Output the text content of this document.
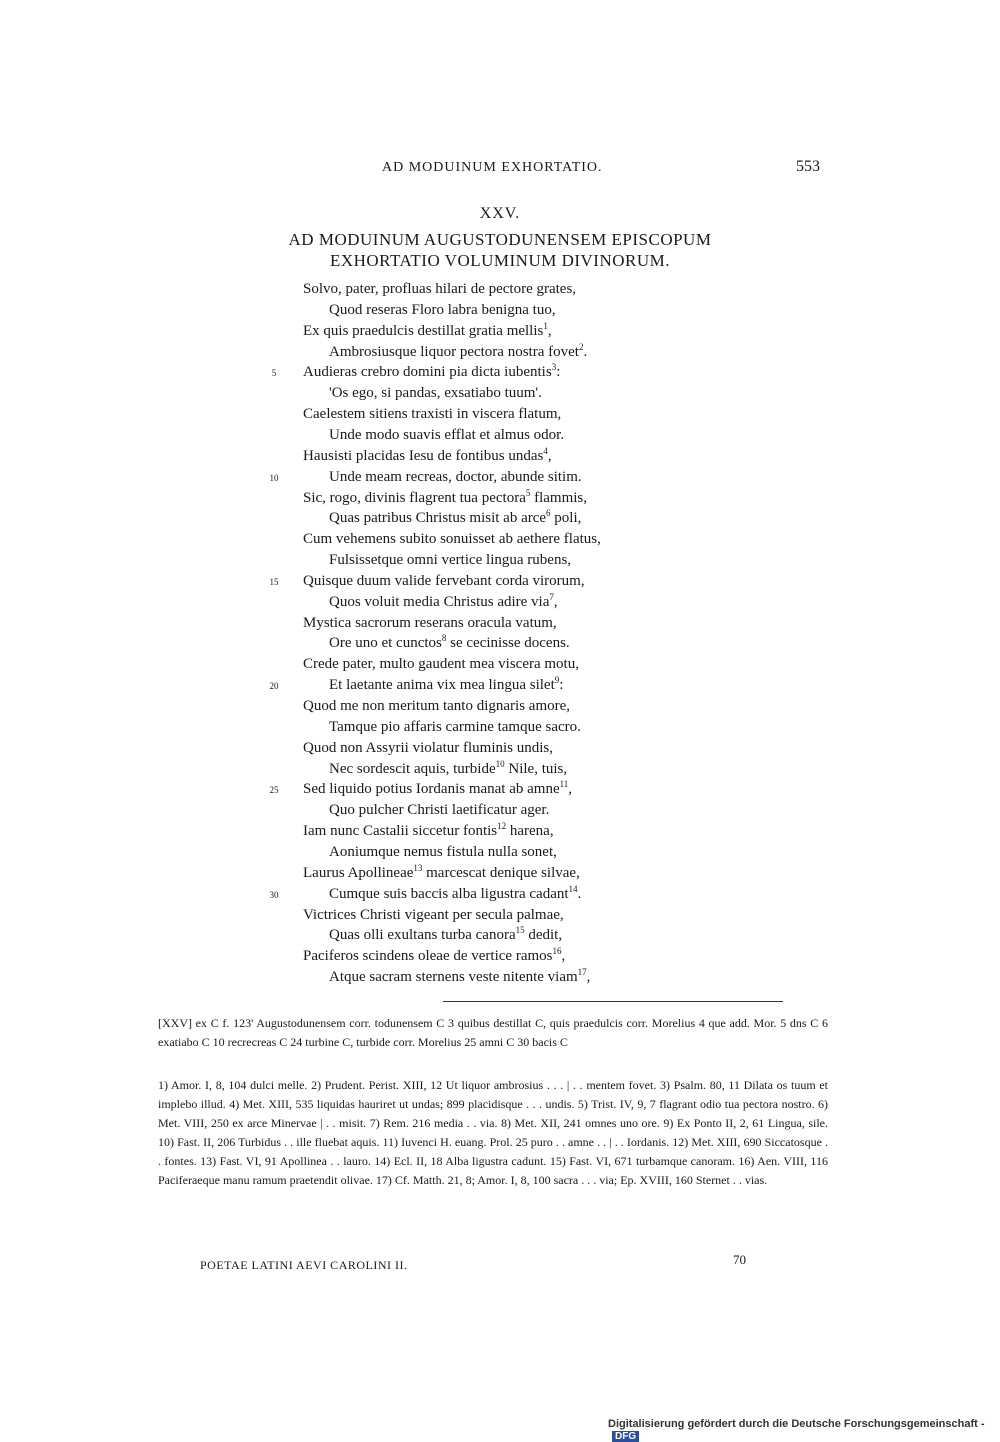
AD MODUINUM EXHORTATIO.	553
XXV.
AD MODUINUM AUGUSTODUNENSEM EPISCOPUM
EXHORTATIO VOLUMINUM DIVINORUM.
Solvo, pater, profluas hilari de pectore grates,
Quod reseras Floro labra benigna tuo,
Ex quis praedulcis destillat gratia mellis$^1$,
Ambrosiusque liquor pectora nostra fovet$^2$.
Audieras crebro domini pia dicta iubentis$^3$:
'Os ego, si pandas, exsatiabo tuum'.
Caelestem sitiens traxisti in viscera flatum,
Unde modo suavis efflat et almus odor.
Hausisti placidas Iesu de fontibus undas$^4$,
Unde meam recreas, doctor, abunde sitim.
Sic, rogo, divinis flagrent tua pectora$^5$ flammis,
Quas patribus Christus misit ab arce$^6$ poli,
Cum vehemens subito sonuisset ab aethere flatus,
Fulsissetque omni vertice lingua rubens,
Quisque duum valide fervebant corda virorum,
Quos voluit media Christus adire via$^7$,
Mystica sacrorum reserans oracula vatum,
Ore uno et cunctos$^8$ se cecinisse docens.
Crede pater, multo gaudent mea viscera motu,
Et laetante anima vix mea lingua silet$^9$:
Quod me non meritum tanto dignaris amore,
Tamque pio affaris carmine tamque sacro.
Quod non Assyrii violatur fluminis undis,
Nec sordescit aquis, turbide$^{10}$ Nile, tuis,
Sed liquido potius Iordanis manat ab amne$^{11}$,
Quo pulcher Christi laetificatur ager.
Iam nunc Castalii siccetur fontis$^{12}$ harena,
Aoniumque nemus fistula nulla sonet,
Laurus Apollineae$^{13}$ marcescat denique silvae,
Cumque suis baccis alba ligustra cadant$^{14}$.
Victrices Christi vigeant per secula palmae,
Quas olli exultans turba canora$^{15}$ dedit,
Paciferos scindens oleae de vertice ramos$^{16}$,
Atque sacram sternens veste nitente viam$^{17}$,
5
10
15
20
25
30
[XXV] ex C f. 123' Augustodunensem corr. todunensem C 3 quibus destillat C, quis praedulcis corr. Morelius 4 que add. Mor. 5 dns C 6 exatiabo C 10 recrecreas C 24 turbine C, turbide corr. Morelius 25 amni C 30 bacis C
1) Amor. I, 8, 104 dulci melle. 2) Prudent. Perist. XIII, 12 Ut liquor ambrosius . . . | . . mentem fovet. 3) Psalm. 80, 11 Dilata os tuum et implebo illud. 4) Met. XIII, 535 liquidas hauriret ut undas; 899 placidisque . . . undis. 5) Trist. IV, 9, 7 flagrant odio tua pectora nostro. 6) Met. VIII, 250 ex arce Minervae | . . misit. 7) Rem. 216 media . . via. 8) Met. XII, 241 omnes uno ore. 9) Ex Ponto II, 2, 61 Lingua, sile. 10) Fast. II, 206 Turbidus . . ille fluebat aquis. 11) Iuvenci H. euang. Prol. 25 puro . . amne . . | . . Iordanis. 12) Met. XIII, 690 Siccatosque . . fontes. 13) Fast. VI, 91 Apollinea . . lauro. 14) Ecl. II, 18 Alba ligustra cadunt. 15) Fast. VI, 671 turbamque canoram. 16) Aen. VIII, 116 Paciferaeque manu ramum praetendit olivae. 17) Cf. Matth. 21, 8; Amor. I, 8, 100 sacra . . . via; Ep. XVIII, 160 Sternet . . vias.
POETAE LATINI AEVI CAROLINI II.	70
Digitalisierung gefördert durch die Deutsche Forschungsgemeinschaft - DFG
